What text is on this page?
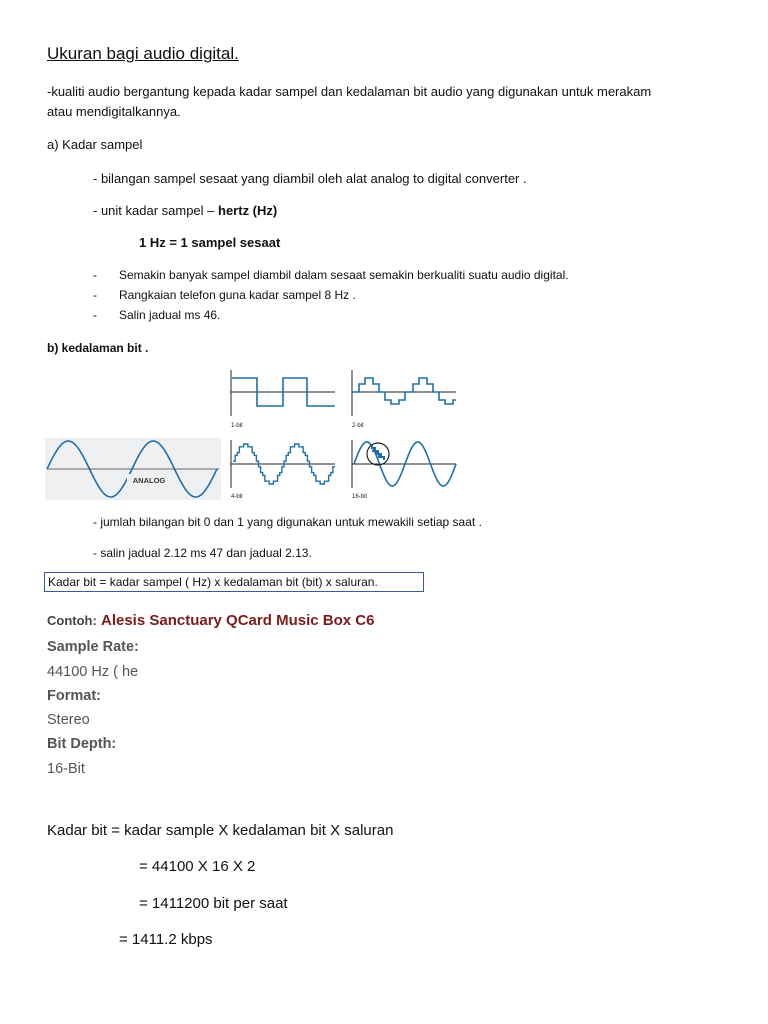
Ukuran bagi audio digital.
-kualiti audio bergantung kepada kadar sampel dan kedalaman bit audio yang digunakan untuk merakam
atau mendigitalkannya.
a) Kadar sampel
- bilangan sampel sesaat yang diambil oleh alat analog to digital converter .
- unit kadar sampel – hertz (Hz)
1 Hz = 1 sampel sesaat
- Semakin banyak sampel diambil dalam sesaat semakin berkualiti suatu audio digital.
- Rangkaian telefon guna kadar sampel 8 Hz .
- Salin jadual ms 46.
b) kedalaman bit .
ANALOG
1-bit	2-bit
4-bit	16-bit
- jumlah bilangan bit 0 dan 1 yang digunakan untuk mewakili setiap saat .
- salin jadual 2.12 ms 47 dan jadual 2.13.
Kadar bit = kadar sampel ( Hz) x kedalaman bit (bit) x saluran.
Contoh: Alesis Sanctuary QCard Music Box C6
Sample Rate:
44100 Hz ( he
Format:
Stereo
Bit Depth:
16-Bit
Kadar bit = kadar sample X kedalaman bit X saluran
= 44100 X 16 X 2
= 1411200 bit per saat
= 1411.2 kbps
